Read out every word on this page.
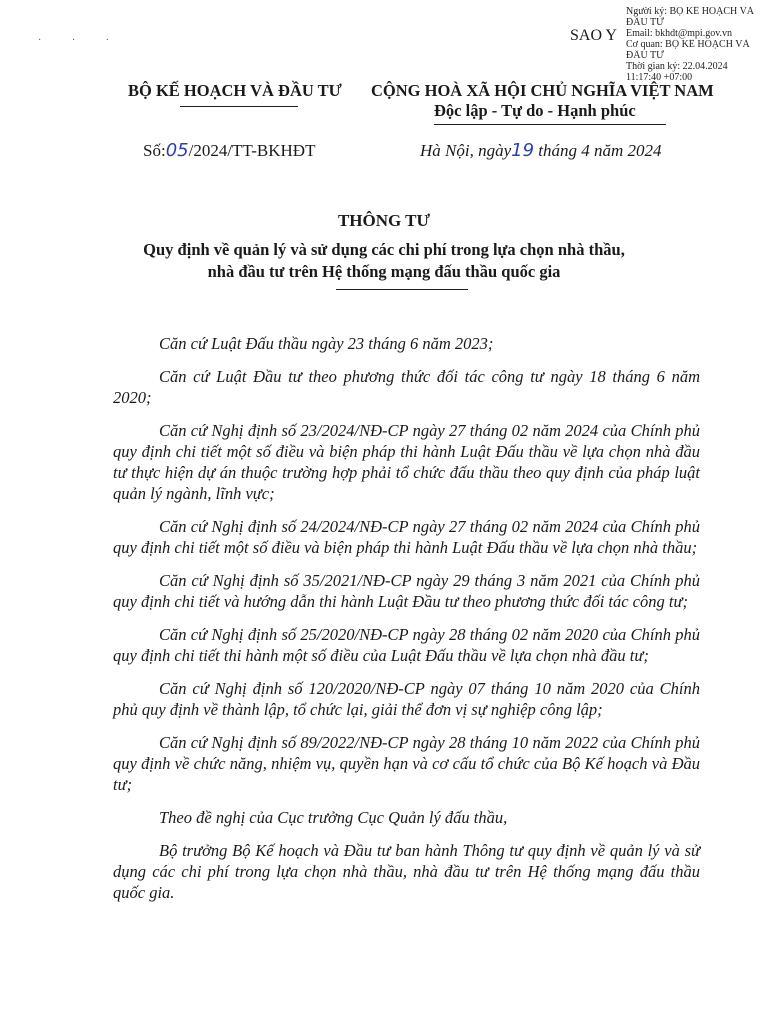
· · ·	SAO Y
Người ký: BỘ KẾ HOẠCH VÀ
ĐẦU TƯ
Email: bkhdt@mpi.gov.vn
Cơ quan: BỘ KẾ HOẠCH VÀ
ĐẦU TƯ
Thời gian ký: 22.04.2024
11:17:40 +07:00
BỘ KẾ HOẠCH VÀ ĐẦU TƯ CỘNG HOÀ XÃ HỘI CHỦ NGHĨA VIỆT NAM
Độc lập - Tự do - Hạnh phúc
Số:05/2024/TT-BKHĐT	Hà Nội, ngày19 tháng 4 năm 2024
THÔNG TƯ
Quy định về quản lý và sử dụng các chi phí trong lựa chọn nhà thầu,
nhà đầu tư trên Hệ thống mạng đấu thầu quốc gia

Căn cứ Luật Đấu thầu ngày 23 tháng 6 năm 2023;

Căn cứ Luật Đầu tư theo phương thức đối tác công tư ngày 18 tháng 6 năm 2020;

Căn cứ Nghị định số 23/2024/NĐ-CP ngày 27 tháng 02 năm 2024 của Chính phủ quy định chi tiết một số điều và biện pháp thi hành Luật Đấu thầu về lựa chọn nhà đầu tư thực hiện dự án thuộc trường hợp phải tổ chức đấu thầu theo quy định của pháp luật quản lý ngành, lĩnh vực;

Căn cứ Nghị định số 24/2024/NĐ-CP ngày 27 tháng 02 năm 2024 của Chính phủ quy định chi tiết một số điều và biện pháp thi hành Luật Đấu thầu về lựa chọn nhà thầu;

Căn cứ Nghị định số 35/2021/NĐ-CP ngày 29 tháng 3 năm 2021 của Chính phủ quy định chi tiết và hướng dẫn thi hành Luật Đầu tư theo phương thức đối tác công tư;

Căn cứ Nghị định số 25/2020/NĐ-CP ngày 28 tháng 02 năm 2020 của Chính phủ quy định chi tiết thi hành một số điều của Luật Đấu thầu về lựa chọn nhà đầu tư;

Căn cứ Nghị định số 120/2020/NĐ-CP ngày 07 tháng 10 năm 2020 của Chính phủ quy định về thành lập, tổ chức lại, giải thể đơn vị sự nghiệp công lập;

Căn cứ Nghị định số 89/2022/NĐ-CP ngày 28 tháng 10 năm 2022 của Chính phủ quy định về chức năng, nhiệm vụ, quyền hạn và cơ cấu tổ chức của Bộ Kế hoạch và Đầu tư;

Theo đề nghị của Cục trưởng Cục Quản lý đấu thầu,

Bộ trưởng Bộ Kế hoạch và Đầu tư ban hành Thông tư quy định về quản lý và sử dụng các chi phí trong lựa chọn nhà thầu, nhà đầu tư trên Hệ thống mạng đấu thầu quốc gia.
